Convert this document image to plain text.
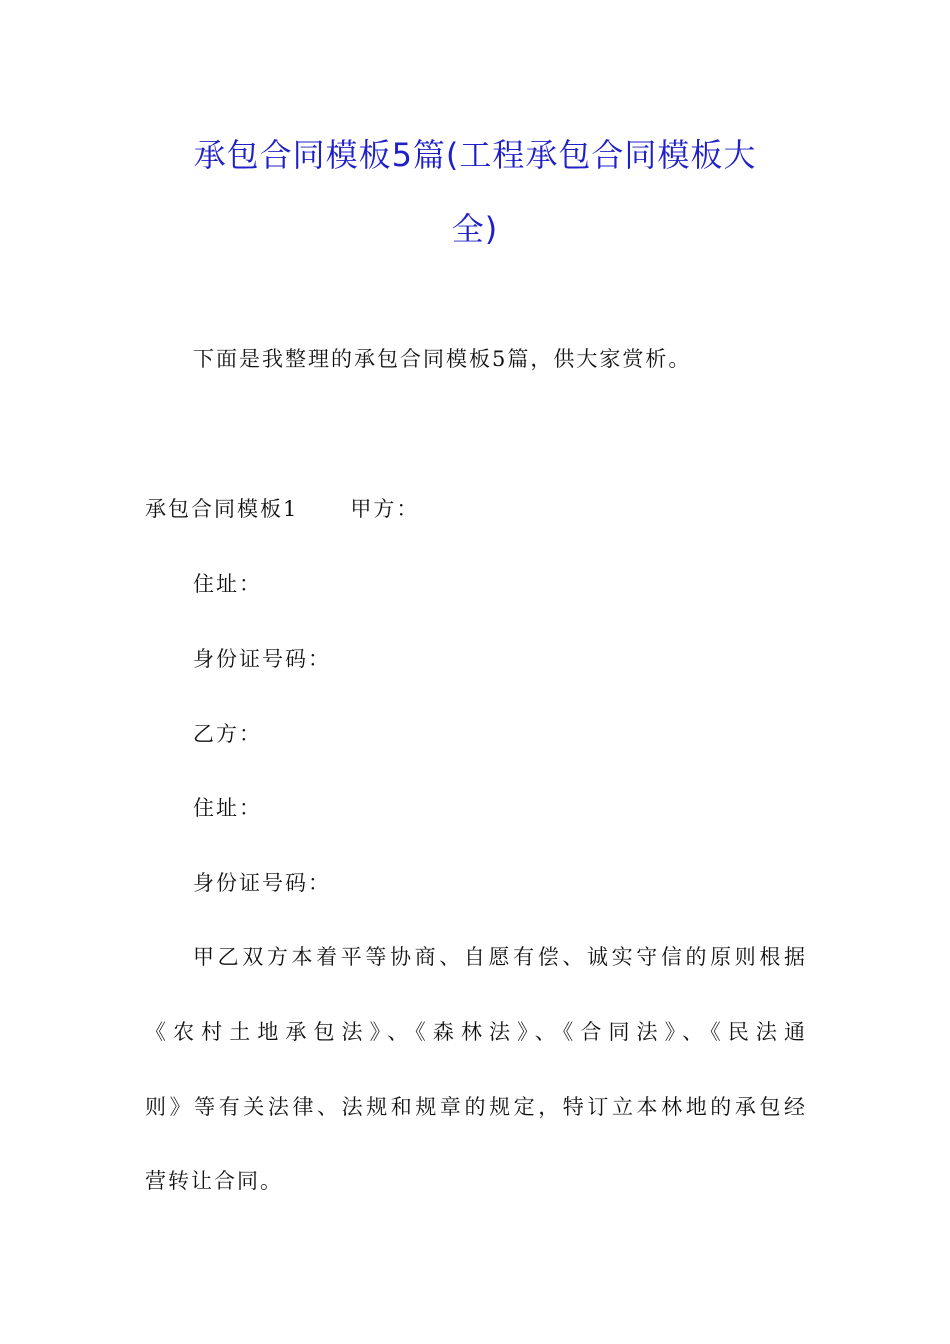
承包合同模板5篇(工程承包合同模板大
全)
下面是我整理的承包合同模板5篇，供大家赏析。
承包合同模板1 甲方：
住址：
身份证号码：
乙方：
住址：
身份证号码：
甲乙双方本着平等协商、自愿有偿、诚实守信的原则根据
《农村土地承包法》、《森林法》、《合同法》、《民法通
则》等有关法律、法规和规章的规定，特订立本林地的承包经
营转让合同。
